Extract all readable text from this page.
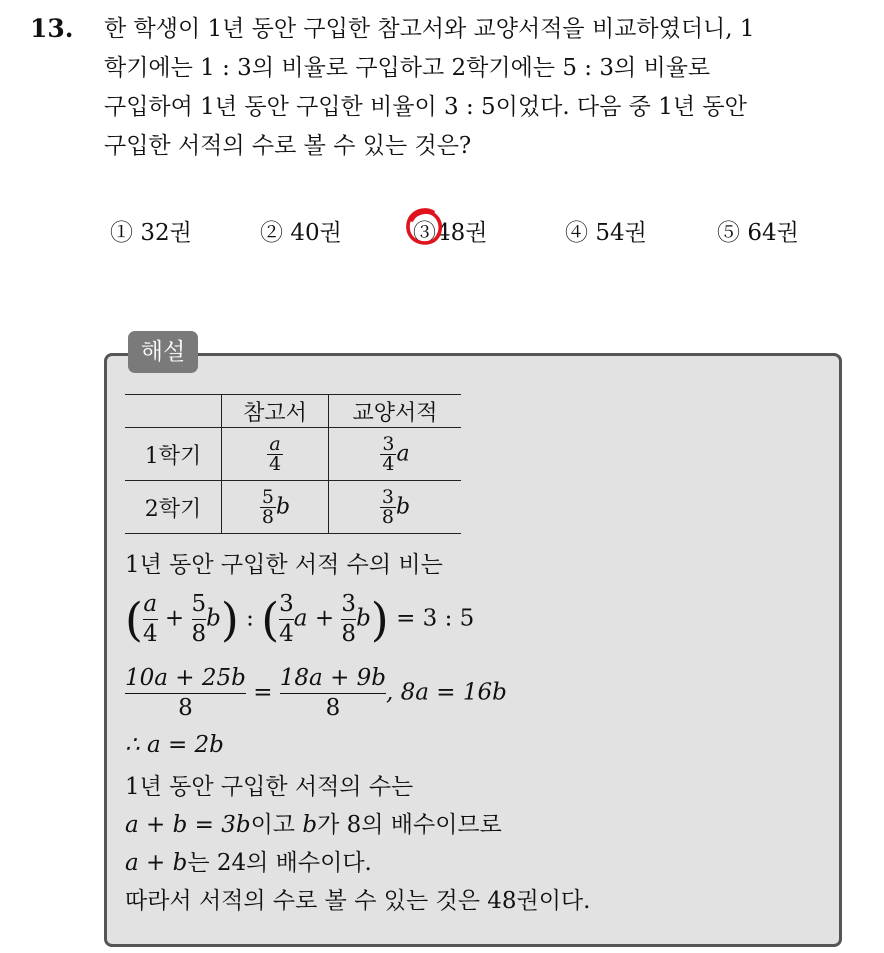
13. 한 학생이 1년 동안 구입한 참고서와 교양서적을 비교하였더니, 1
학기에는 1 : 3의 비율로 구입하고 2학기에는 5 : 3의 비율로
구입하여 1년 동안 구입한 비율이 3 : 5이었다. 다음 중 1년 동안
구입한 서적의 수로 볼 수 있는 것은?
① 32권	② 40권	③48권	④ 54권	⑤ 64권
해설
	참고서	교양서적
1학기	$\frac{a}{4}$	$\frac{3}{4}$ a
2학기	$\frac{5}{8}$ b	$\frac{3}{8}$ b
1년 동안 구입한 서적 수의 비는
( $\frac{a}{4} + \frac{5}{8} b$) : ( $\frac{3}{4}$ $a + \frac{3}{8} b) = 3$ : 5
$\frac{10a + 25b}{8} = \frac{18a + 9b}{8}$ , 8a = 16b
∴ a = 2b
1년 동안 구입한 서적의 수는
a + b = 3b이고 b가 8의 배수이므로
a + b는 24의 배수이다.
따라서 서적의 수로 볼 수 있는 것은 48권이다.
